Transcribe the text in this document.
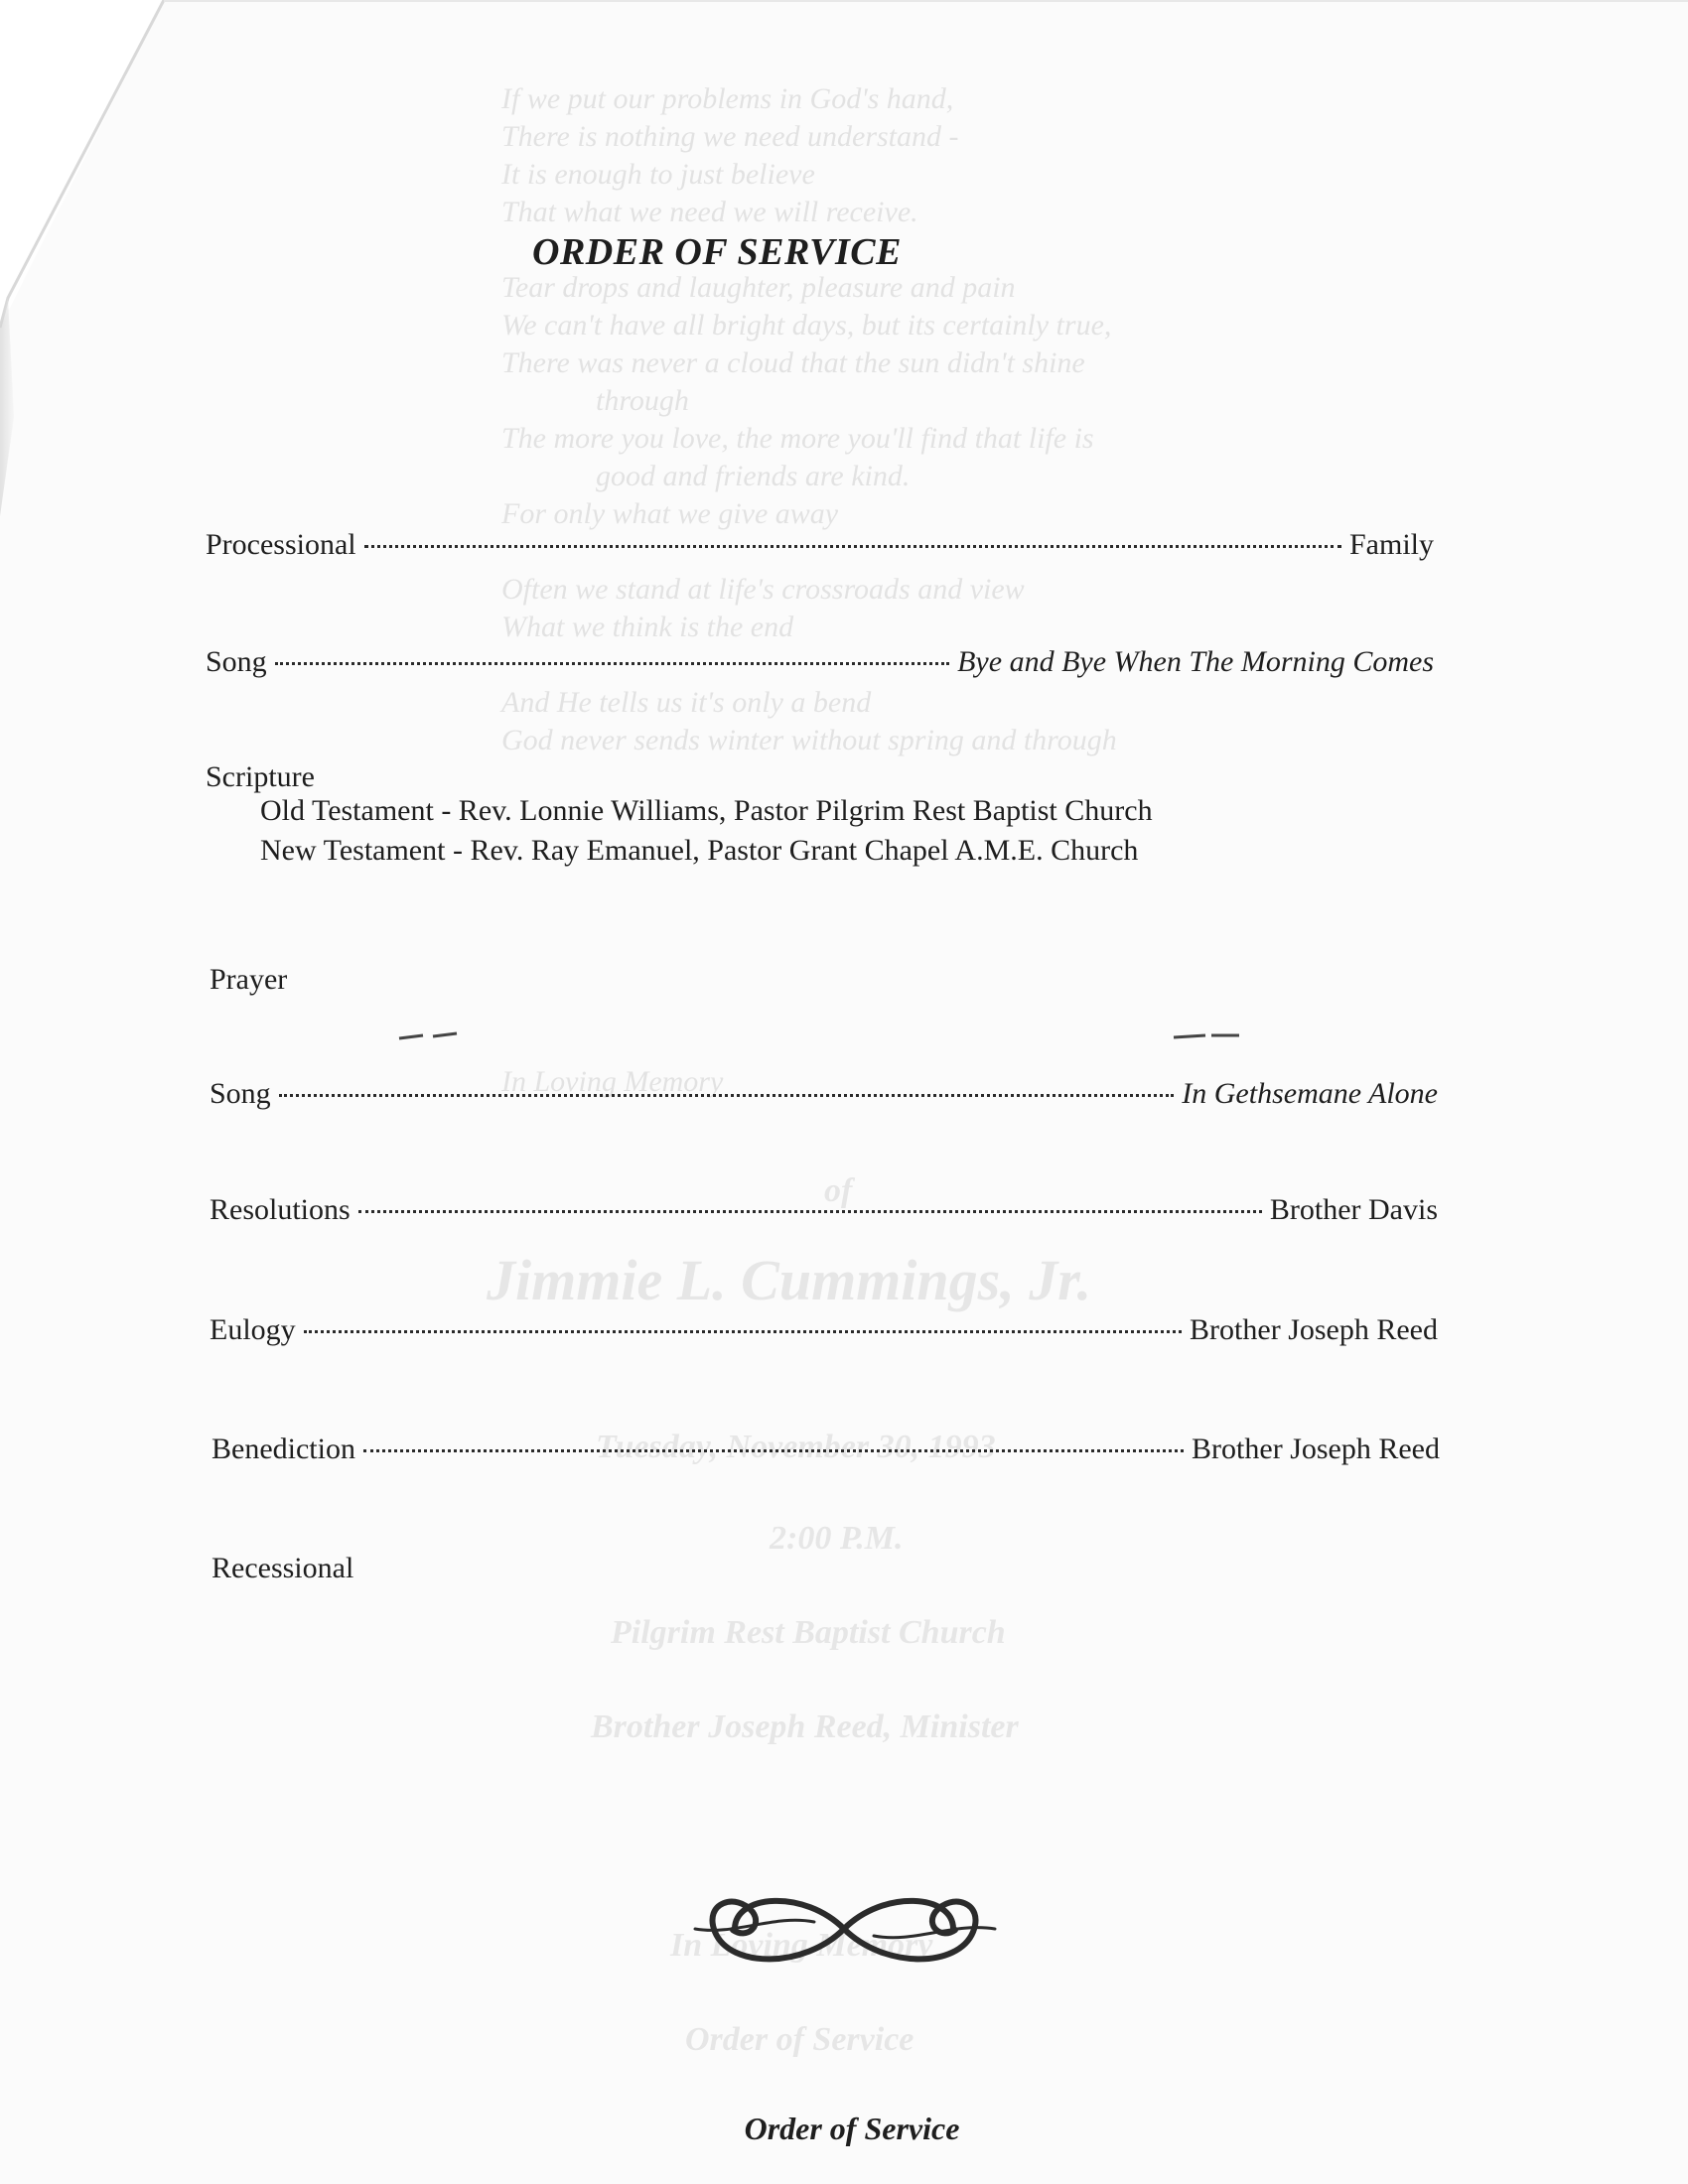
If we put our problems in God's hand,
There is nothing we need understand -
It is enough to just believe
That what we need we will receive.
Tear drops and laughter, pleasure and pain
We can't have all bright days, but its certainly true,
There was never a cloud that the sun didn't shine
through
The more you love, the more you'll find that life is
good and friends are kind.
For only what we give away
Often we stand at life's crossroads and view
What we think is the end
And He tells us it's only a bend
God never sends winter without spring and through
In Loving Memory
of
Jimmie L. Cummings, Jr.
Tuesday, November 30, 1993
2:00 P.M.
Pilgrim Rest Baptist Church
Brother Joseph Reed, Minister
In Loving Memory
Order of Service
ORDER OF SERVICE
Processional	Family
Song	Bye and Bye When The Morning Comes
Scripture
Old Testament - Rev. Lonnie Williams, Pastor Pilgrim Rest Baptist Church
New Testament - Rev. Ray Emanuel, Pastor Grant Chapel A.M.E. Church
Prayer
Song	In Gethsemane Alone
Resolutions	Brother Davis
Eulogy	Brother Joseph Reed
Benediction	Brother Joseph Reed
Recessional
Order of Service
